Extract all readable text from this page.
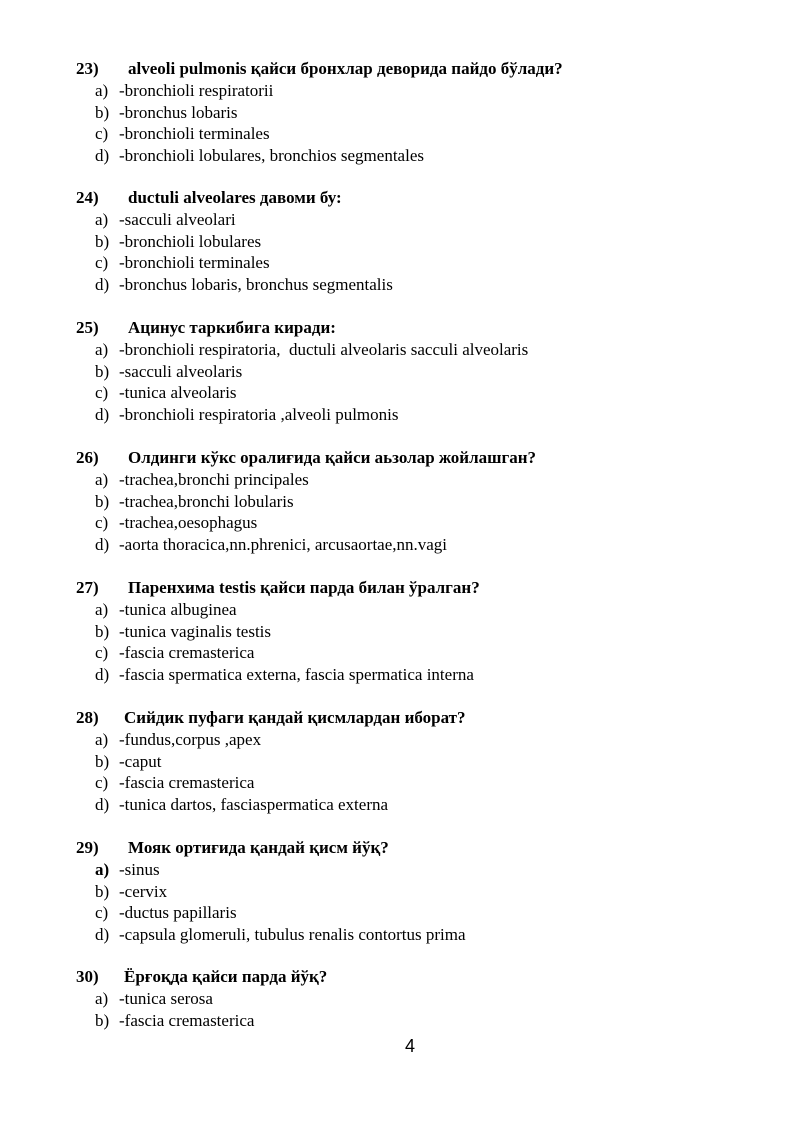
23) alveoli pulmonis қайси бронхлар деворида пайдо бўлади?
a) -bronchioli respiratorii
b) -bronchus lobaris
c) -bronchioli terminales
d) -bronchioli lobulares, bronchios segmentales
24) ductuli alveolares давоми бу:
a) -sacculi alveolari
b) -bronchioli lobulares
c) -bronchioli terminales
d) -bronchus lobaris, bronchus segmentalis
25) Ацинус таркибига киради:
a) -bronchioli respiratoria,  ductuli alveolaris sacculi alveolaris
b) -sacculi alveolaris
c) -tunica alveolaris
d) -bronchioli respiratoria ,alveoli pulmonis
26) Олдинги кўкс оралиғида қайси аьзолар жойлашган?
a) -trachea,bronchi principales
b) -trachea,bronchi lobularis
c) -trachea,oesophagus
d) -aorta thoracica,nn.phrenici, arcusaortae,nn.vagi
27) Паренхима testis қайси парда билан ўралган?
a) -tunica albuginea
b) -tunica vaginalis testis
c) -fascia cremasterica
d) -fascia spermatica externa, fascia spermatica interna
28) Сийдик пуфаги қандай қисмлардан иборат?
a) -fundus,corpus ,apex
b) -caput
c) -fascia cremasterica
d) -tunica dartos, fasciaspermatica externa
29) Мояк ортиғида қандай қисм йўқ?
a) -sinus
b) -cervix
c) -ductus papillaris
d) -capsula glomeruli, tubulus renalis contortus prima
30) Ёрғоқда қайси парда йўқ?
a) -tunica serosa
b) -fascia cremasterica
4
